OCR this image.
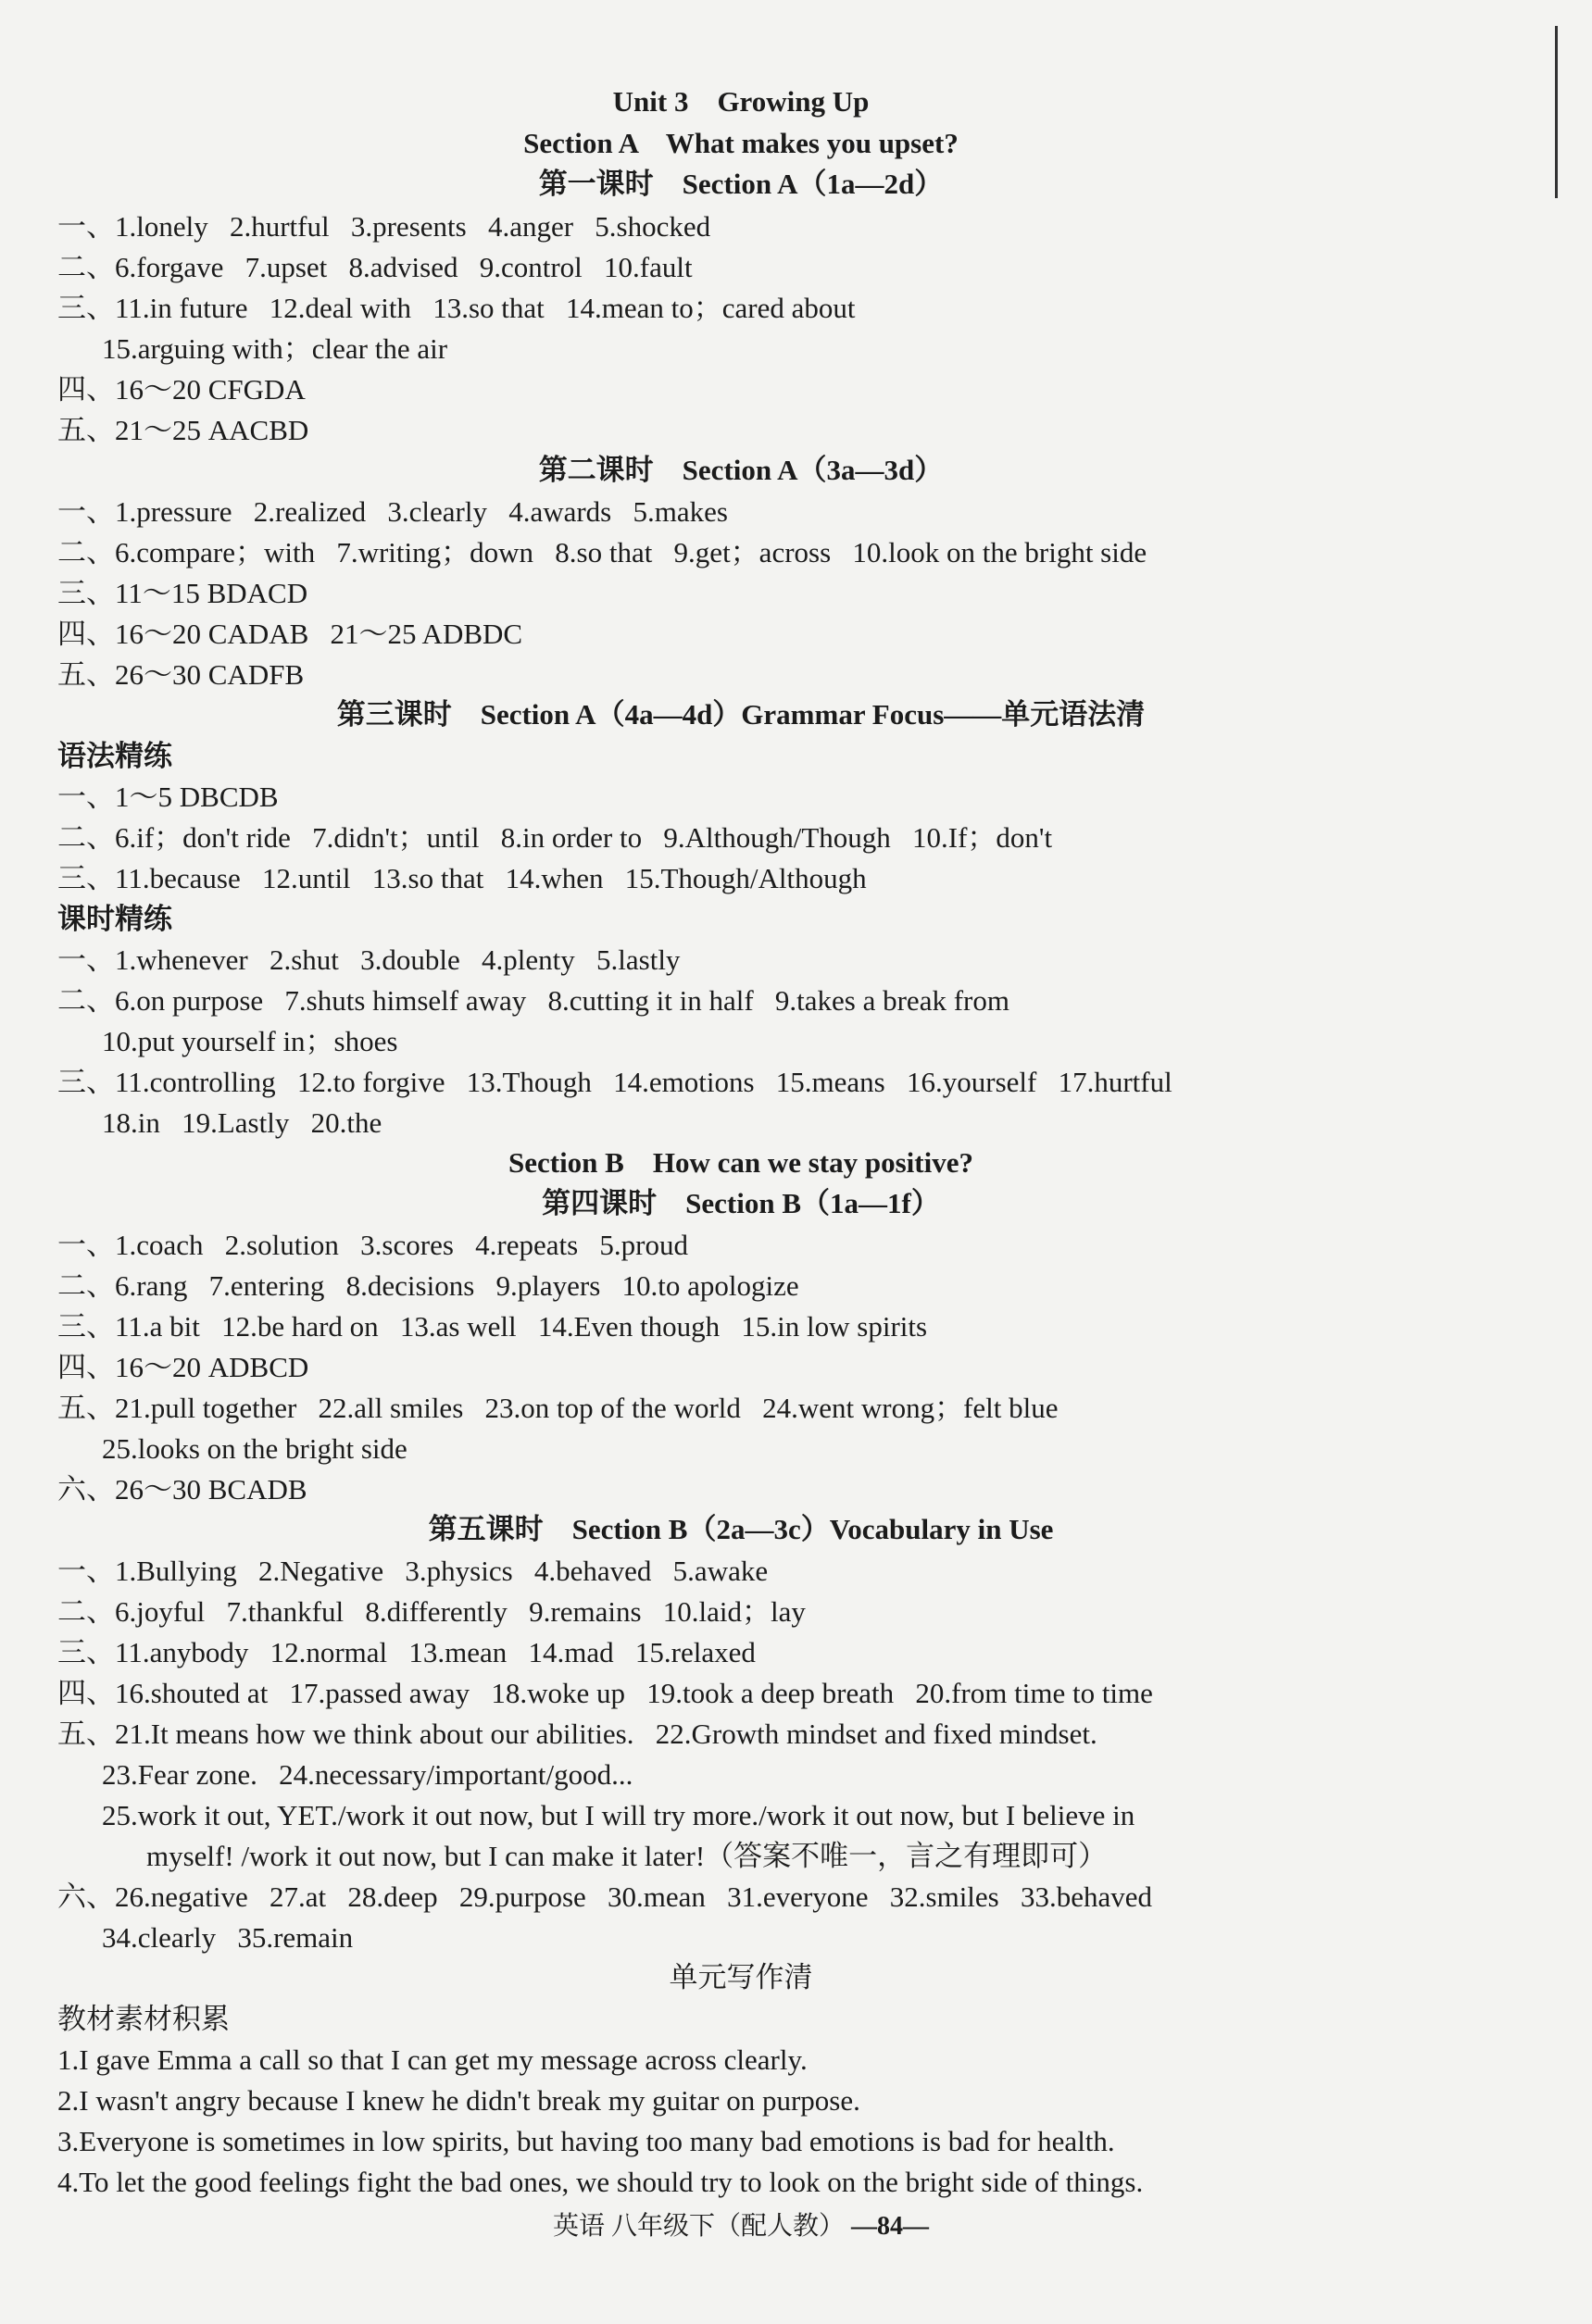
Unit 3    Growing Up
Section A    What makes you upset?
第一课时    Section A（1a—2d）
一、1.lonely   2.hurtful   3.presents   4.anger   5.shocked
二、6.forgave   7.upset   8.advised   9.control   10.fault
三、11.in future   12.deal with   13.so that   14.mean to；cared about
15.arguing with；clear the air
四、16～20 CFGDA
五、21～25 AACBD
第二课时    Section A（3a—3d）
一、1.pressure   2.realized   3.clearly   4.awards   5.makes
二、6.compare；with   7.writing；down   8.so that   9.get；across   10.look on the bright side
三、11～15 BDACD
四、16～20 CADAB   21～25 ADBDC
五、26～30 CADFB
第三课时    Section A（4a—4d）Grammar Focus——单元语法清
语法精练
一、1～5 DBCDB
二、6.if；don't ride   7.didn't；until   8.in order to   9.Although/Though   10.If；don't
三、11.because   12.until   13.so that   14.when   15.Though/Although
课时精练
一、1.whenever   2.shut   3.double   4.plenty   5.lastly
二、6.on purpose   7.shuts himself away   8.cutting it in half   9.takes a break from
10.put yourself in；shoes
三、11.controlling   12.to forgive   13.Though   14.emotions   15.means   16.yourself   17.hurtful
18.in   19.Lastly   20.the
Section B    How can we stay positive?
第四课时    Section B（1a—1f）
一、1.coach   2.solution   3.scores   4.repeats   5.proud
二、6.rang   7.entering   8.decisions   9.players   10.to apologize
三、11.a bit   12.be hard on   13.as well   14.Even though   15.in low spirits
四、16～20 ADBCD
五、21.pull together   22.all smiles   23.on top of the world   24.went wrong；felt blue
25.looks on the bright side
六、26～30 BCADB
第五课时    Section B（2a—3c）Vocabulary in Use
一、1.Bullying   2.Negative   3.physics   4.behaved   5.awake
二、6.joyful   7.thankful   8.differently   9.remains   10.laid；lay
三、11.anybody   12.normal   13.mean   14.mad   15.relaxed
四、16.shouted at   17.passed away   18.woke up   19.took a deep breath   20.from time to time
五、21.It means how we think about our abilities.   22.Growth mindset and fixed mindset.
23.Fear zone.   24.necessary/important/good...
25.work it out, YET./work it out now, but I will try more./work it out now, but I believe in
myself! /work it out now, but I can make it later!（答案不唯一，言之有理即可）
六、26.negative   27.at   28.deep   29.purpose   30.mean   31.everyone   32.smiles   33.behaved
34.clearly   35.remain
单元写作清
教材素材积累
1.I gave Emma a call so that I can get my message across clearly.
2.I wasn't angry because I knew he didn't break my guitar on purpose.
3.Everyone is sometimes in low spirits, but having too many bad emotions is bad for health.
4.To let the good feelings fight the bad ones, we should try to look on the bright side of things.
英语 八年级下（配人教） —84—
